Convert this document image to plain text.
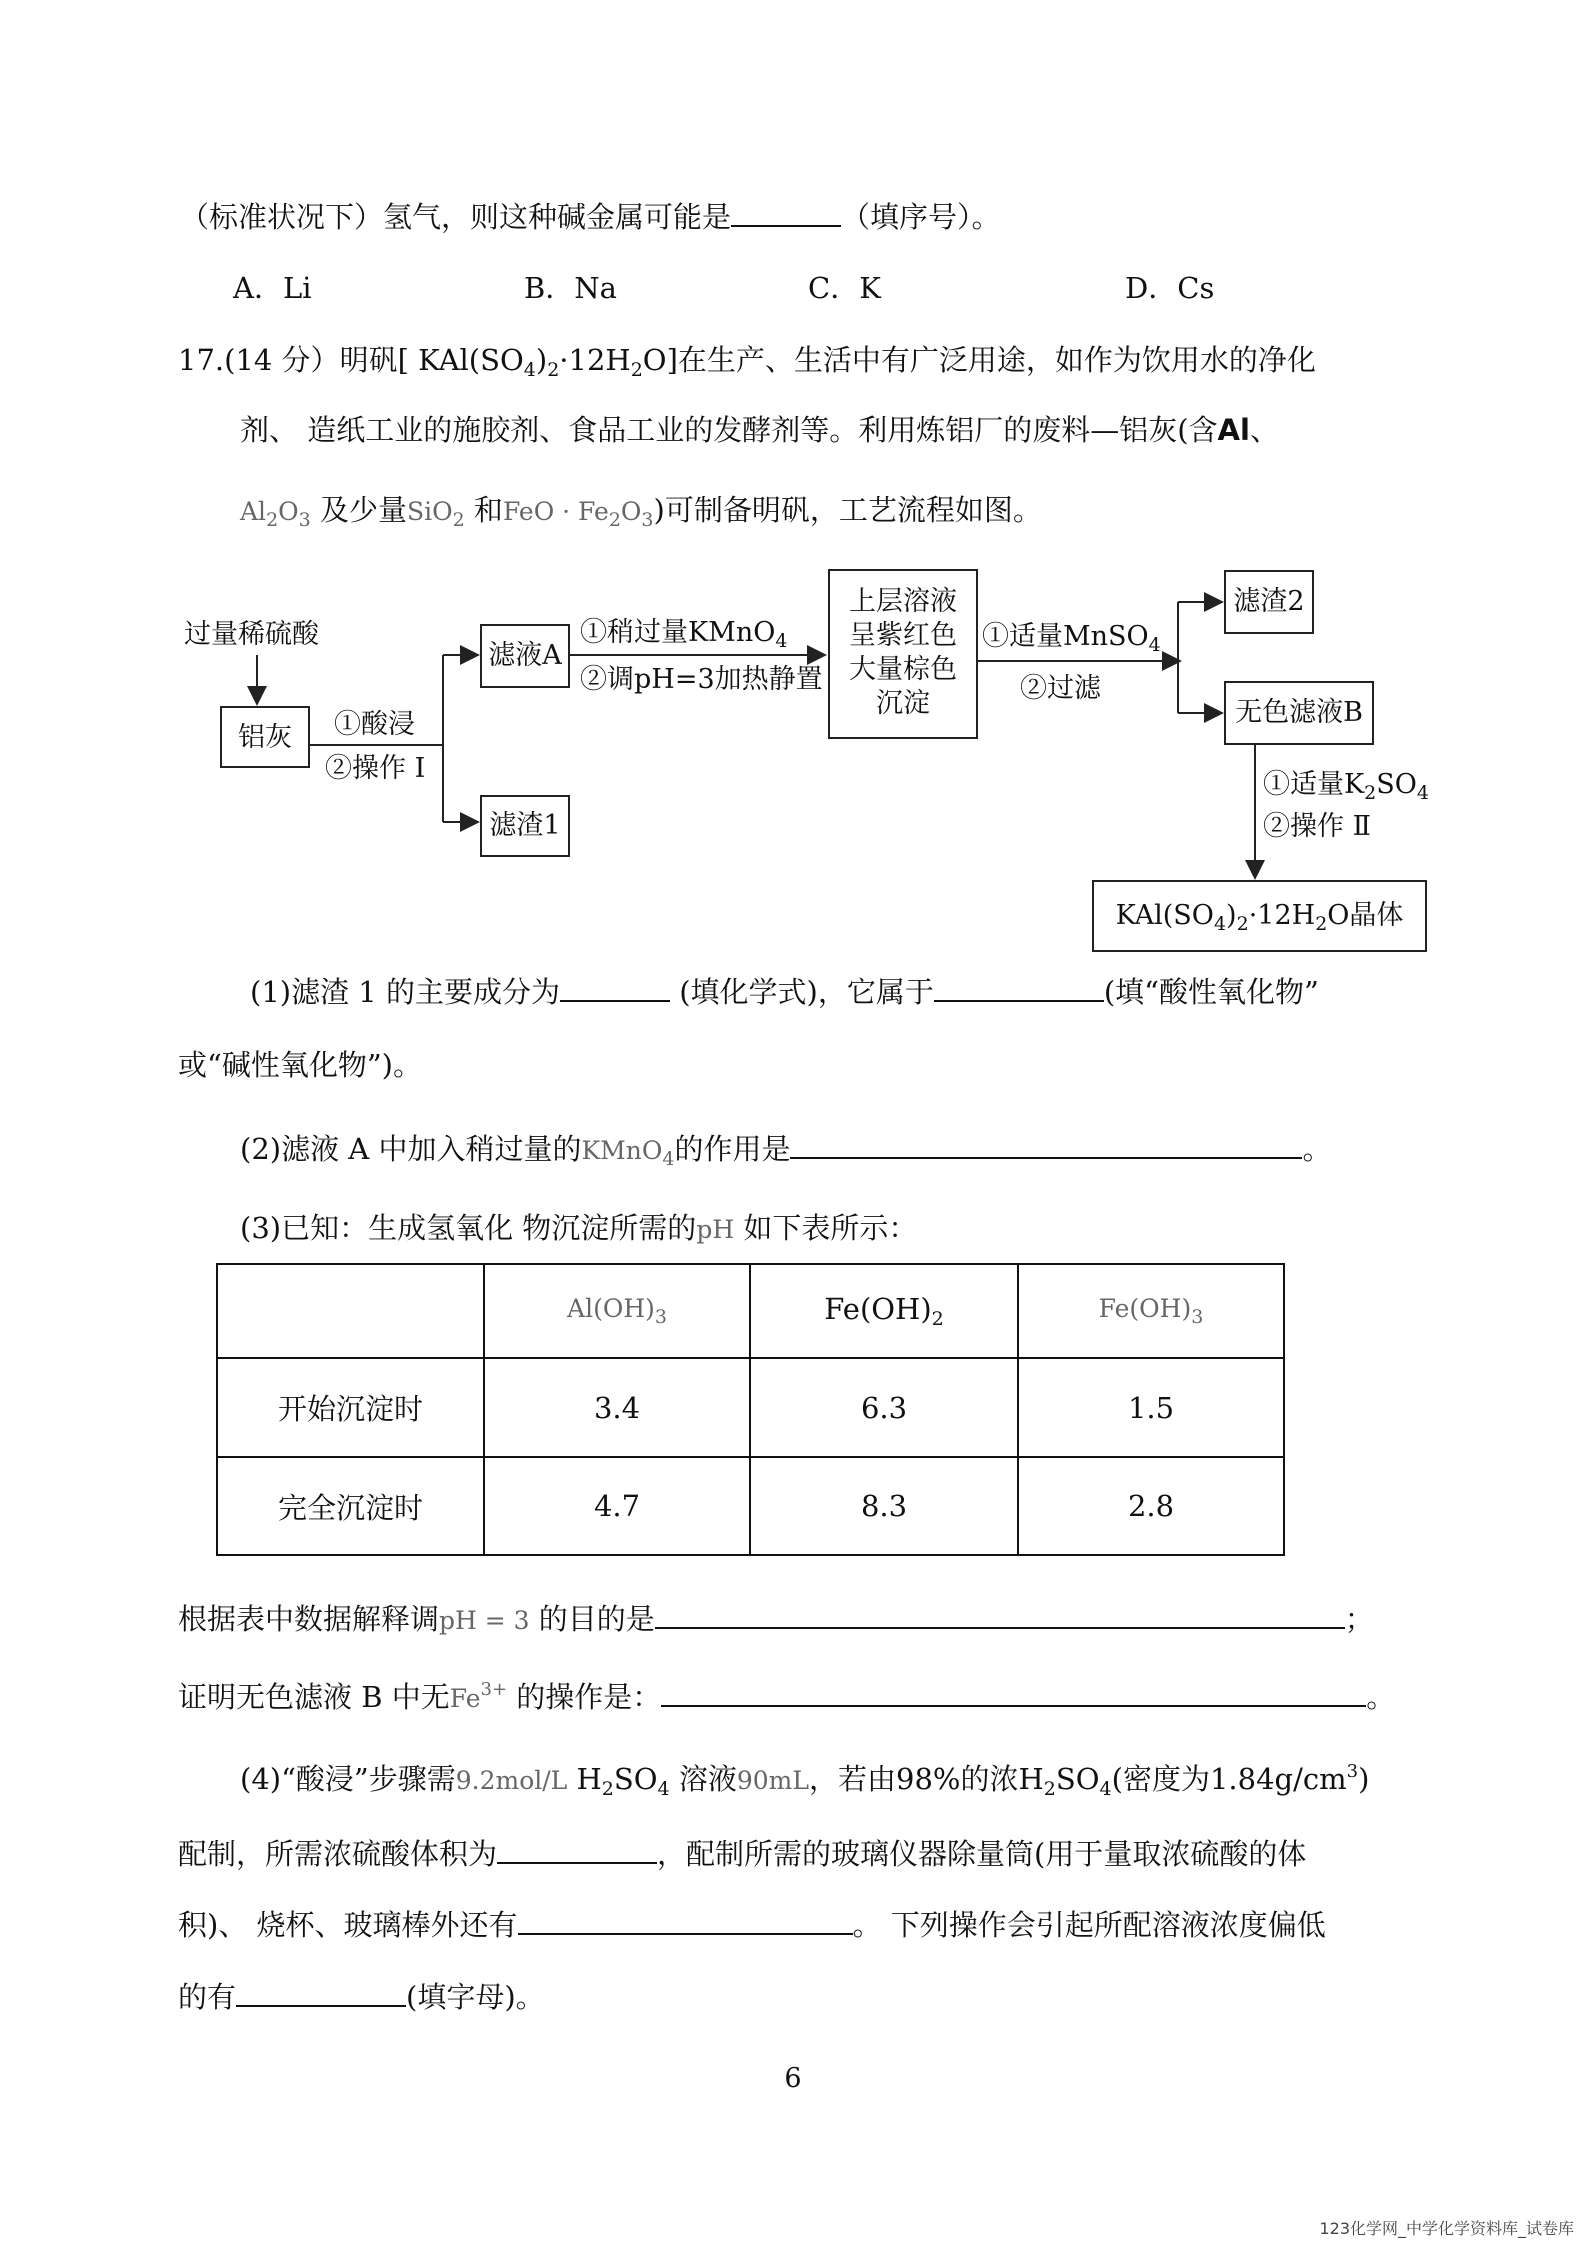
（标准状况下）氢气，则这种碱金属可能是	（填序号）。
A．Li	B．Na	C．K	D．Cs
17.(14 分）明矾[ $KAl(SO_4)_2\cdot 12H_2O$]在生产、生活中有广泛用途，如作为饮用水的净化
剂、 造纸工业的施胶剂、食品工业的发酵剂等。利用炼铝厂的废料—铝灰(含Al、
$Al_2O_3$ 及少量SiO$_2$ 和FeO · $Fe_2O_3$)可制备明矾，工艺流程如图。
过量稀硫酸
铝灰	①酸浸
②操作 Ⅰ
滤液A
滤渣1
①稍过量KMnO$_4$
②调pH=3加热静置
上层溶液
呈紫红色
大量棕色
沉淀
①适量MnSO$_4$
②过滤
滤渣2
无色滤液B
①适量$K_2SO_4$
②操作 Ⅱ
$KAl(SO_4)_2\cdot 12H_2O$晶体
(1)滤渣 1 的主要成分为	(填化学式)，它属于	(填“酸性氧化物”
或“碱性氧化物”)。
(2)滤液 A 中加入稍过量的KMnO$_4$的作用是	。
(3)已知：生成氢氧化 物沉淀所需的pH 如下表所示：
	$Al(OH)_3$	$Fe(OH)_2$	$Fe(OH)_3$
开始沉淀时	3.4	6.3	1.5
完全沉淀时	4.7	8.3	2.8
根据表中数据解释调pH = 3 的目的是	；
证明无色滤液 B 中无$Fe^{3+}$ 的操作是：	。
(4)“酸浸”步骤需9.2mol/L $H_2SO_4$ 溶液90mL，若由98%的浓$H_2SO_4$(密度为$1.84g/cm^3$)
配制，所需浓硫酸体积为	，配制所需的玻璃仪器除量筒(用于量取浓硫酸的体
积)、 烧杯、玻璃棒外还有	。 下列操作会引起所配溶液浓度偏低
的有	(填字母)。
6
123化学网_中学化学资料库_试卷库
